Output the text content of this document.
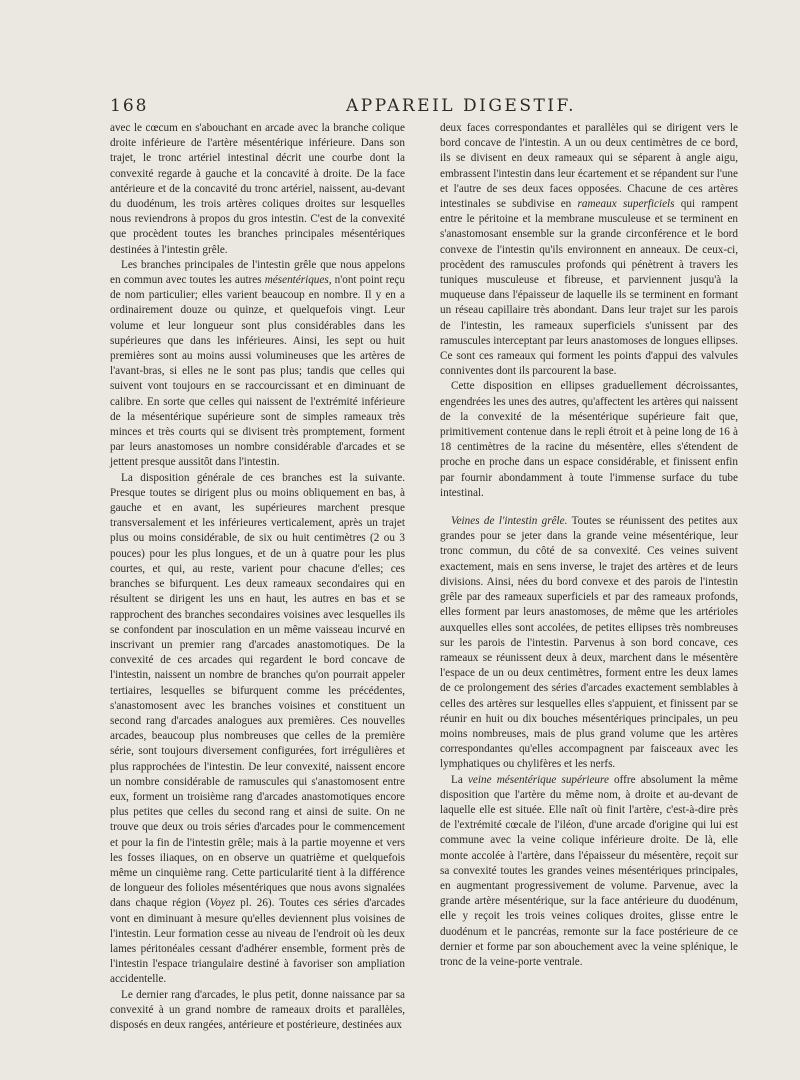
168	APPAREIL DIGESTIF.

avec le cœcum en s'abouchant en arcade avec la branche colique droite inférieure de l'artère mésentérique inférieure. Dans son trajet, le tronc artériel intestinal décrit une courbe dont la convexité regarde à gauche et la concavité à droite. De la face antérieure et de la concavité du tronc artériel, naissent, au-devant du duodénum, les trois artères coliques droites sur lesquelles nous reviendrons à propos du gros intestin. C'est de la convexité que procèdent toutes les branches principales mésentériques destinées à l'intestin grêle.

Les branches principales de l'intestin grêle que nous appelons en commun avec toutes les autres mésentériques, n'ont point reçu de nom particulier; elles varient beaucoup en nombre. Il y en a ordinairement douze ou quinze, et quelquefois vingt. Leur volume et leur longueur sont plus considérables dans les supérieures que dans les inférieures. Ainsi, les sept ou huit premières sont au moins aussi volumineuses que les artères de l'avant-bras, si elles ne le sont pas plus; tandis que celles qui suivent vont toujours en se raccourcissant et en diminuant de calibre. En sorte que celles qui naissent de l'extrémité inférieure de la mésentérique supérieure sont de simples rameaux très minces et très courts qui se divisent très promptement, forment par leurs anastomoses un nombre considérable d'arcades et se jettent presque aussitôt dans l'intestin.

La disposition générale de ces branches est la suivante. Presque toutes se dirigent plus ou moins obliquement en bas, à gauche et en avant, les supérieures marchent presque transversalement et les inférieures verticalement, après un trajet plus ou moins considérable, de six ou huit centimètres (2 ou 3 pouces) pour les plus longues, et de un à quatre pour les plus courtes, et qui, au reste, varient pour chacune d'elles; ces branches se bifurquent. Les deux rameaux secondaires qui en résultent se dirigent les uns en haut, les autres en bas et se rapprochent des branches secondaires voisines avec lesquelles ils se confondent par inosculation en un même vaisseau incurvé en inscrivant un premier rang d'arcades anastomotiques. De la convexité de ces arcades qui regardent le bord concave de l'intestin, naissent un nombre de branches qu'on pourrait appeler tertiaires, lesquelles se bifurquent comme les précédentes, s'anastomosent avec les branches voisines et constituent un second rang d'arcades analogues aux premières. Ces nouvelles arcades, beaucoup plus nombreuses que celles de la première série, sont toujours diversement configurées, fort irrégulières et plus rapprochées de l'intestin. De leur convexité, naissent encore un nombre considérable de ramuscules qui s'anastomosent entre eux, forment un troisième rang d'arcades anastomotiques encore plus petites que celles du second rang et ainsi de suite. On ne trouve que deux ou trois séries d'arcades pour le commencement et pour la fin de l'intestin grêle; mais à la partie moyenne et vers les fosses iliaques, on en observe un quatrième et quelquefois même un cinquième rang. Cette particularité tient à la différence de longueur des folioles mésentériques que nous avons signalées dans chaque région (Voyez pl. 26). Toutes ces séries d'arcades vont en diminuant à mesure qu'elles deviennent plus voisines de l'intestin. Leur formation cesse au niveau de l'endroit où les deux lames péritonéales cessant d'adhérer ensemble, forment près de l'intestin l'espace triangulaire destiné à favoriser son ampliation accidentelle.

Le dernier rang d'arcades, le plus petit, donne naissance par sa convexité à un grand nombre de rameaux droits et parallèles, disposés en deux rangées, antérieure et postérieure, destinées aux

deux faces correspondantes et parallèles qui se dirigent vers le bord concave de l'intestin. A un ou deux centimètres de ce bord, ils se divisent en deux rameaux qui se séparent à angle aigu, embrassent l'intestin dans leur écartement et se répandent sur l'une et l'autre de ses deux faces opposées. Chacune de ces artères intestinales se subdivise en rameaux superficiels qui rampent entre le péritoine et la membrane musculeuse et se terminent en s'anastomosant ensemble sur la grande circonférence et le bord convexe de l'intestin qu'ils environnent en anneaux. De ceux-ci, procèdent des ramuscules profonds qui pénètrent à travers les tuniques musculeuse et fibreuse, et parviennent jusqu'à la muqueuse dans l'épaisseur de laquelle ils se terminent en formant un réseau capillaire très abondant. Dans leur trajet sur les parois de l'intestin, les rameaux superficiels s'unissent par des ramuscules interceptant par leurs anastomoses de longues ellipses. Ce sont ces rameaux qui forment les points d'appui des valvules conniventes dont ils parcourent la base.

Cette disposition en ellipses graduellement décroissantes, engendrées les unes des autres, qu'affectent les artères qui naissent de la convexité de la mésentérique supérieure fait que, primitivement contenue dans le repli étroit et à peine long de 16 à 18 centimètres de la racine du mésentère, elles s'étendent de proche en proche dans un espace considérable, et finissent enfin par fournir abondamment à toute l'immense surface du tube intestinal.

Veines de l'intestin grêle. Toutes se réunissent des petites aux grandes pour se jeter dans la grande veine mésentérique, leur tronc commun, du côté de sa convexité. Ces veines suivent exactement, mais en sens inverse, le trajet des artères et de leurs divisions. Ainsi, nées du bord convexe et des parois de l'intestin grêle par des rameaux superficiels et par des rameaux profonds, elles forment par leurs anastomoses, de même que les artérioles auxquelles elles sont accolées, de petites ellipses très nombreuses sur les parois de l'intestin. Parvenus à son bord concave, ces rameaux se réunissent deux à deux, marchent dans le mésentère l'espace de un ou deux centimètres, forment entre les deux lames de ce prolongement des séries d'arcades exactement semblables à celles des artères sur lesquelles elles s'appuient, et finissent par se réunir en huit ou dix bouches mésentériques principales, un peu moins nombreuses, mais de plus grand volume que les artères correspondantes qu'elles accompagnent par faisceaux avec les lymphatiques ou chylifères et les nerfs.

La veine mésentérique supérieure offre absolument la même disposition que l'artère du même nom, à droite et au-devant de laquelle elle est située. Elle naît où finit l'artère, c'est-à-dire près de l'extrémité cœcale de l'iléon, d'une arcade d'origine qui lui est commune avec la veine colique inférieure droite. De là, elle monte accolée à l'artère, dans l'épaisseur du mésentère, reçoit sur sa convexité toutes les grandes veines mésentériques principales, en augmentant progressivement de volume. Parvenue, avec la grande artère mésentérique, sur la face antérieure du duodénum, elle y reçoit les trois veines coliques droites, glisse entre le duodénum et le pancréas, remonte sur la face postérieure de ce dernier et forme par son abouchement avec la veine splénique, le tronc de la veine-porte ventrale.
